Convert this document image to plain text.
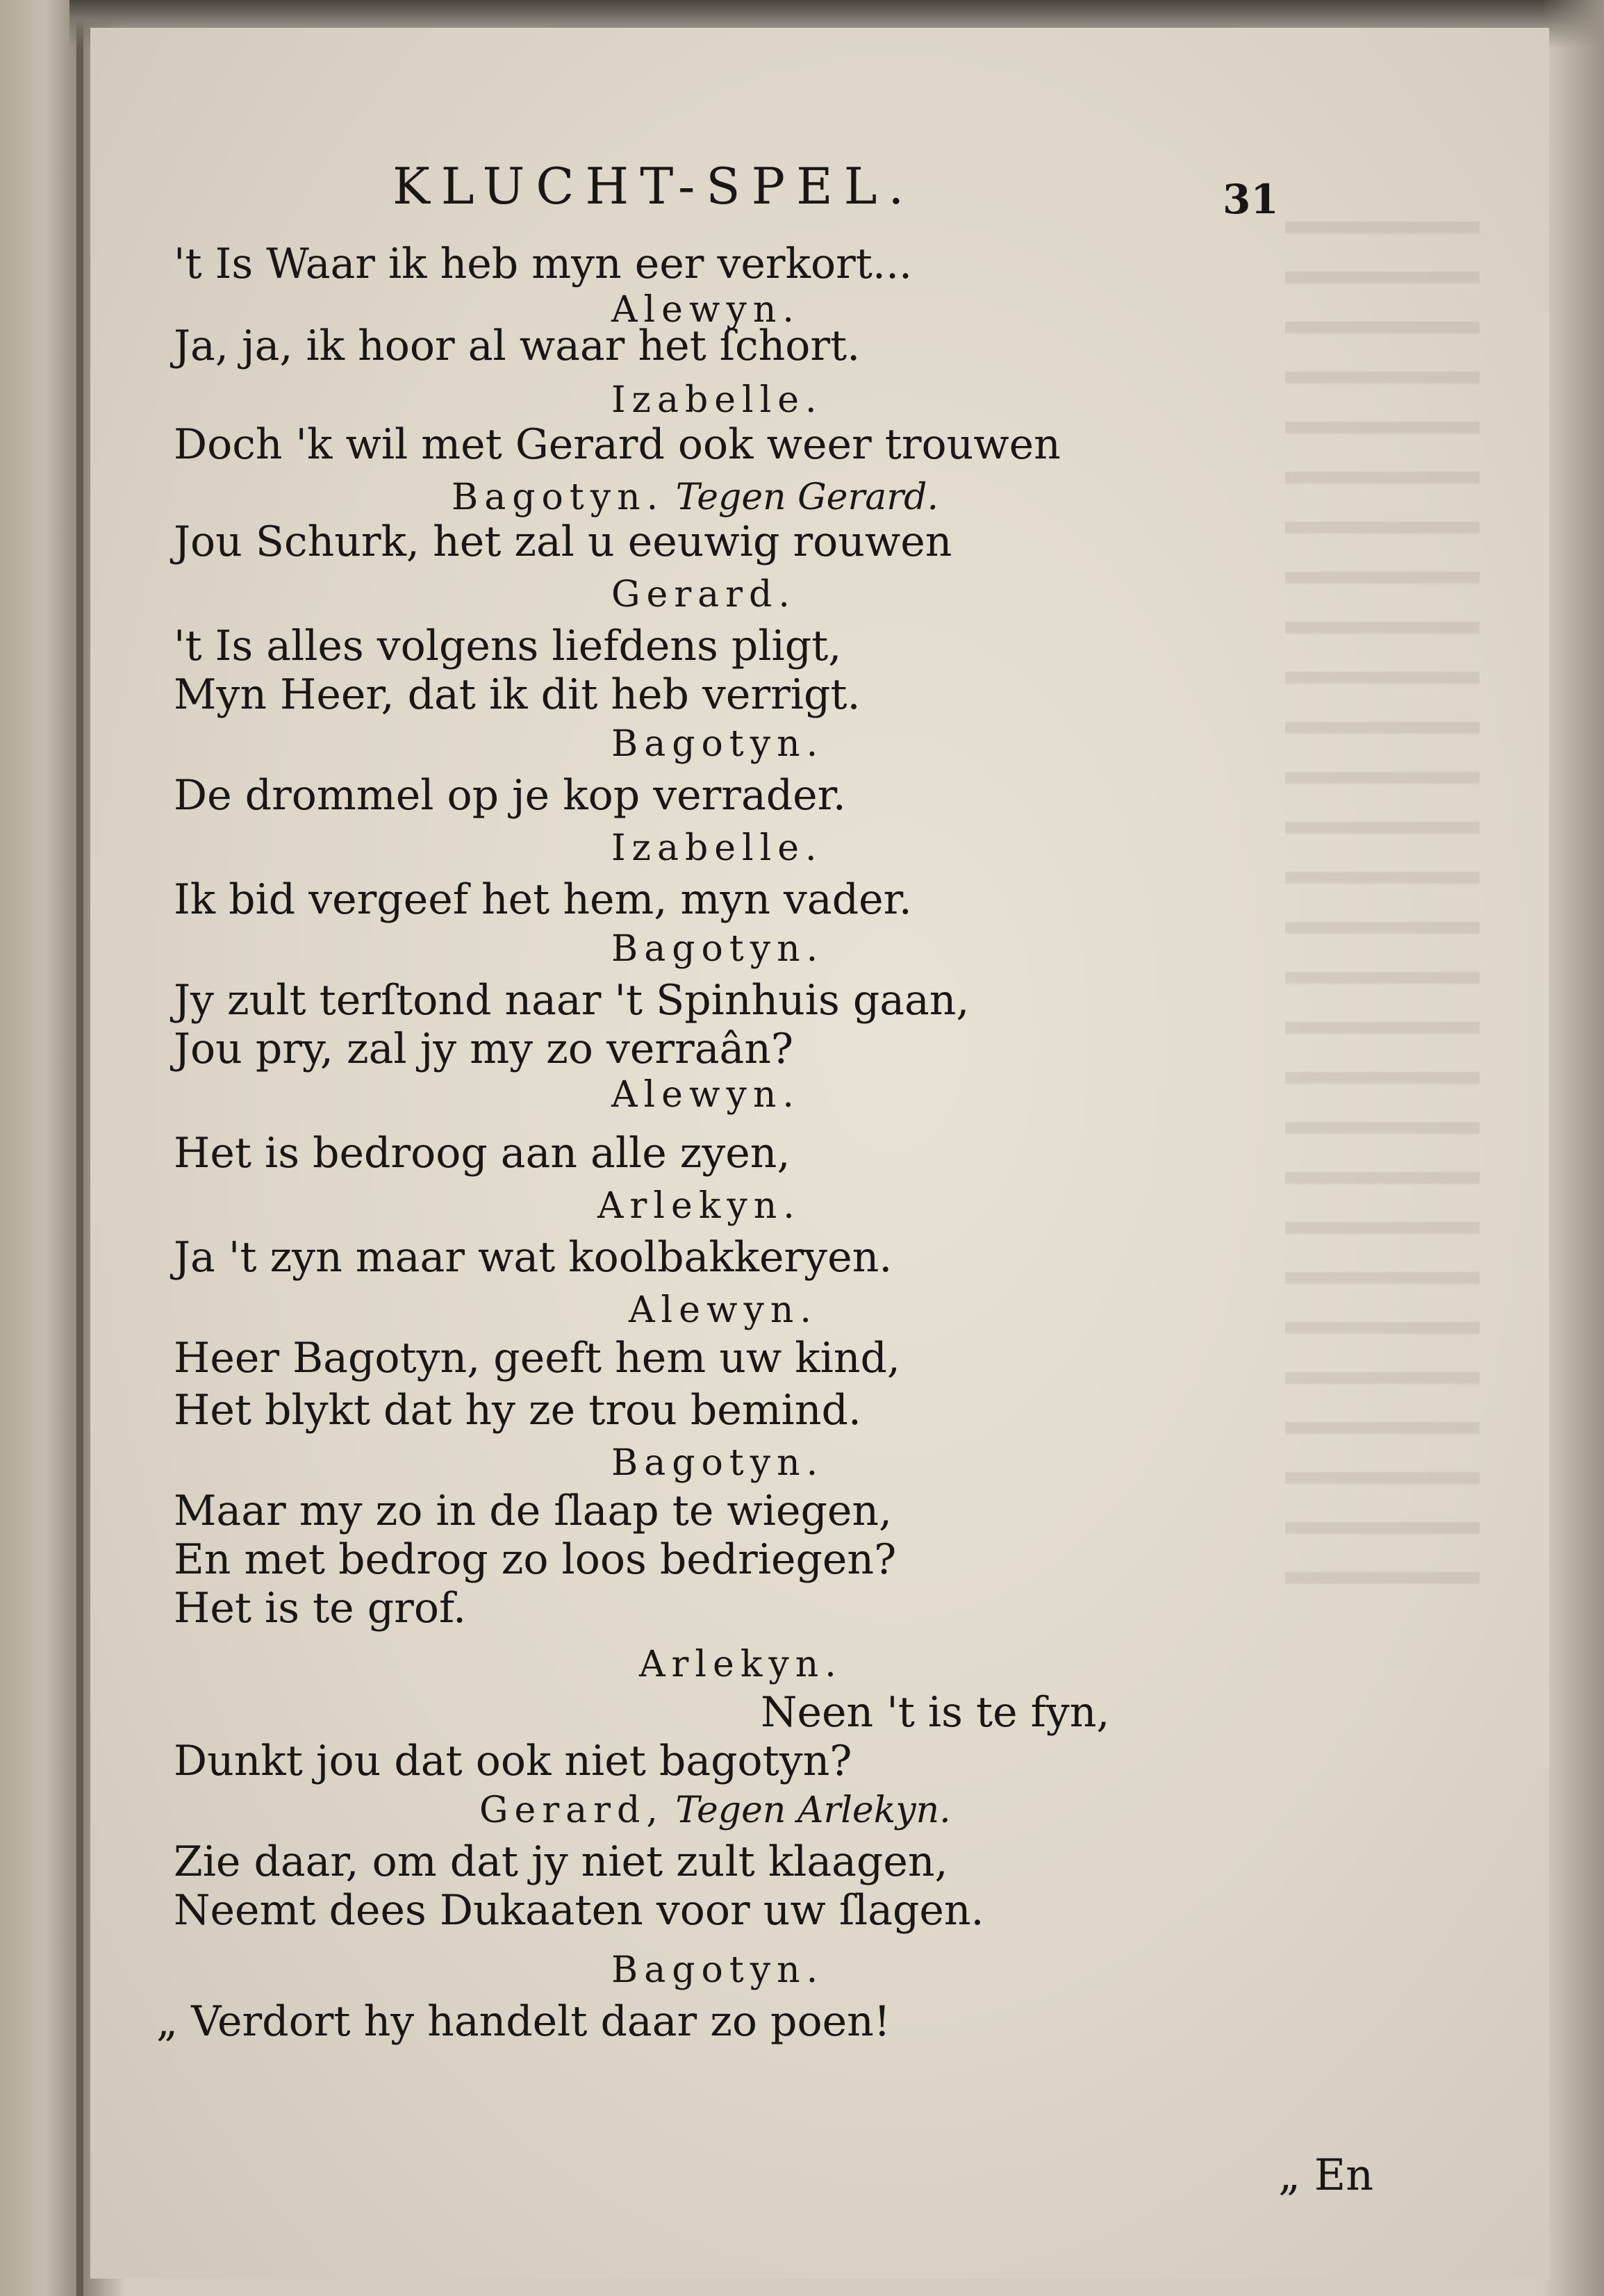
KLUCHT-SPEL.	31
't Is Waar ik heb myn eer verkort...
Alewyn.
Ja, ja, ik hoor al waar het ſchort.
Izabelle.
Doch 'k wil met Gerard ook weer trouwen
Bagotyn. Tegen Gerard.
Jou Schurk, het zal u eeuwig rouwen
Gerard.
't Is alles volgens liefdens pligt,
Myn Heer, dat ik dit heb verrigt.
Bagotyn.
De drommel op je kop verrader.
Izabelle.
Ik bid vergeef het hem, myn vader.
Bagotyn.
Jy zult terſtond naar 't Spinhuis gaan,
Jou pry, zal jy my zo verraân?
Alewyn.
Het is bedroog aan alle zyen,
Arlekyn.
Ja 't zyn maar wat koolbakkeryen.
Alewyn.
Heer Bagotyn, geeft hem uw kind,
Het blykt dat hy ze trou bemind.
Bagotyn.
Maar my zo in de ſlaap te wiegen,
En met bedrog zo loos bedriegen?
Het is te grof.
Arlekyn.
Neen 't is te fyn,
Dunkt jou dat ook niet bagotyn?
Gerard, Tegen Arlekyn.
Zie daar, om dat jy niet zult klaagen,
Neemt dees Dukaaten voor uw ſlagen.
Bagotyn.
„ Verdort hy handelt daar zo poen!
„ En
